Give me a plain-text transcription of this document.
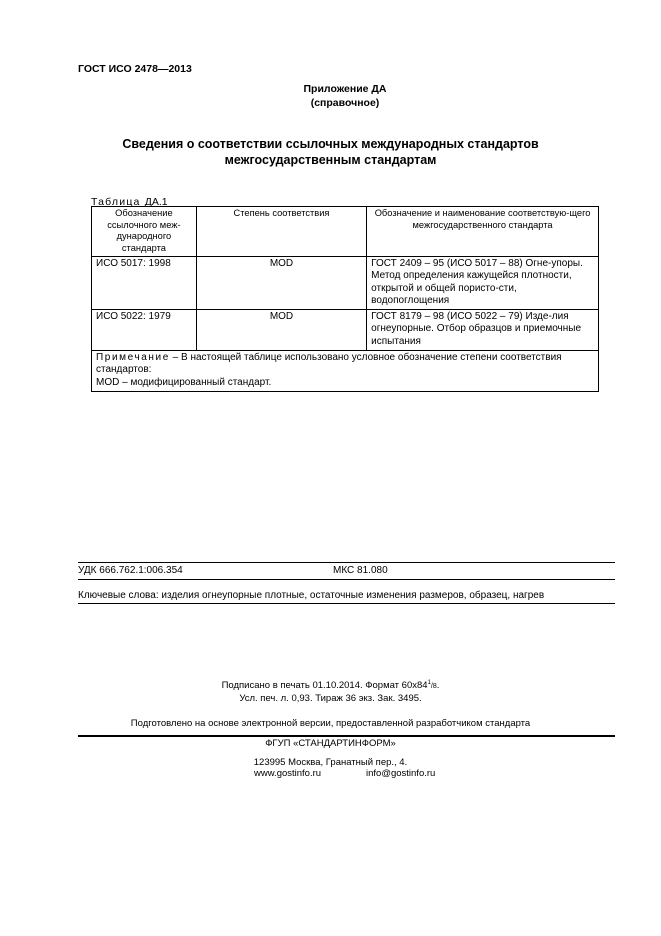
ГОСТ ИСО 2478—2013
Приложение ДА
(справочное)
Сведения о соответствии ссылочных международных стандартов
межгосударственным стандартам
Таблица ДА.1
Обозначение ссылочного меж-дународного стандарта	Степень соответствия	Обозначение и наименование соответствую-щего межгосударственного стандарта
ИСО 5017: 1998	MOD	ГОСТ 2409 – 95 (ИСО 5017 – 88) Огне-упоры. Метод определения кажущейся плотности, открытой и общей пористо-сти, водопоглощения
ИСО 5022: 1979	MOD	ГОСТ 8179 – 98 (ИСО 5022 – 79) Изде-лия огнеупорные. Отбор образцов и приемочные испытания
Примечание – В настоящей таблице использовано условное обозначение степени соответствия стандартов:
MOD – модифицированный стандарт.		
УДК 666.762.1:006.354	МКС 81.080
Ключевые слова: изделия огнеупорные плотные, остаточные изменения размеров, образец, нагрев
Подписано в печать 01.10.2014. Формат $60x84^1/8$.
Усл. печ. л. 0,93. Тираж 36 экз. Зак. 3495.
Подготовлено на основе электронной версии, предоставленной разработчиком стандарта
ФГУП «СТАНДАРТИНФОРМ»
123995 Москва, Гранатный пер., 4.
www.gostinfo.ru	info@gostinfo.ru
